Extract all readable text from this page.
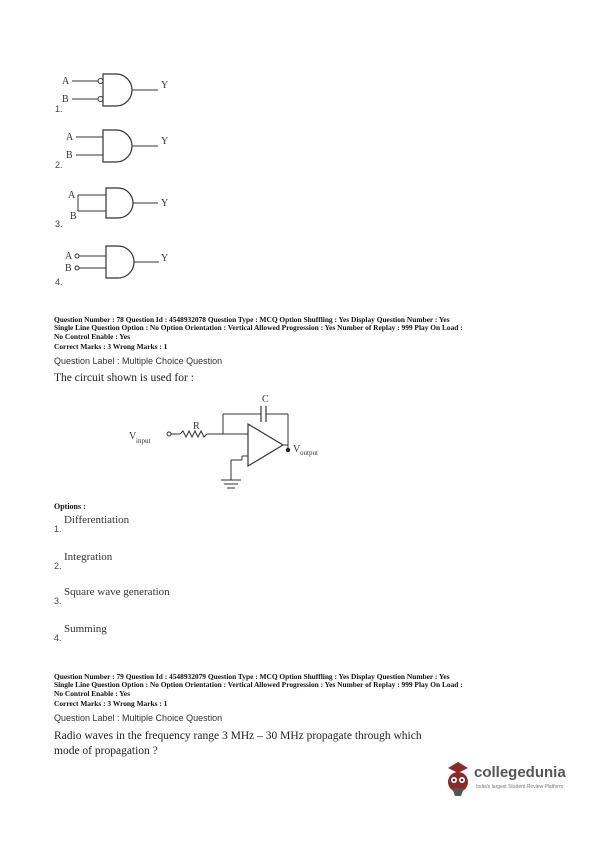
A
B
Y
1.
A
B
Y
2.
A
B
Y
3.
A
B
Y
4.
Question Number : 78 Question Id : 4548932078 Question Type : MCQ Option Shuffling : Yes Display Question Number : Yes
Single Line Question Option : No Option Orientation : Vertical Allowed Progression : Yes Number of Replay : 999 Play On Load :
No Control Enable : Yes
Correct Marks : 3 Wrong Marks : 1
Question Label : Multiple Choice Question
The circuit shown is used for :
C
V input
R
V output
Options :
1.
Differentiation
2.
Integration
3.
Square wave generation
4.
Summing
Question Number : 79 Question Id : 4548932079 Question Type : MCQ Option Shuffling : Yes Display Question Number : Yes
Single Line Question Option : No Option Orientation : Vertical Allowed Progression : Yes Number of Replay : 999 Play On Load :
No Control Enable : Yes
Correct Marks : 3 Wrong Marks : 1
Question Label : Multiple Choice Question
Radio waves in the frequency range 3 MHz – 30 MHz propagate through which
mode of propagation ?
collegedunia
India's largest Student Review Platform
